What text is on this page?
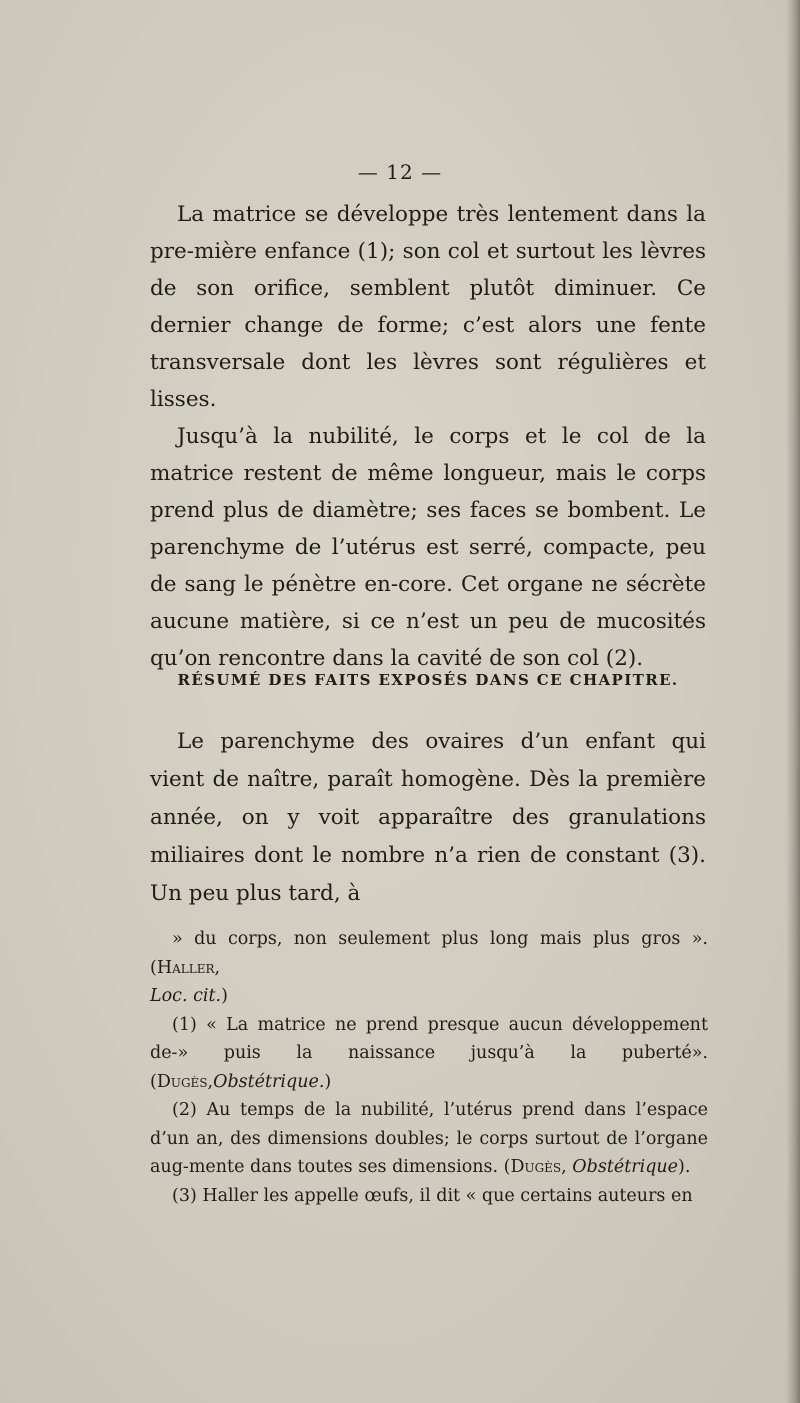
— 12 —

La matrice se développe très lentement dans la pre-mière enfance (1); son col et surtout les lèvres de son orifice, semblent plutôt diminuer. Ce dernier change de forme; c’est alors une fente transversale dont les lèvres sont régulières et lisses.

Jusqu’à la nubilité, le corps et le col de la matrice restent de même longueur, mais le corps prend plus de diamètre; ses faces se bombent. Le parenchyme de l’utérus est serré, compacte, peu de sang le pénètre en-core. Cet organe ne sécrète aucune matière, si ce n’est un peu de mucosités qu’on rencontre dans la cavité de son col (2).

RÉSUMÉ DES FAITS EXPOSÉS DANS CE CHAPITRE.

Le parenchyme des ovaires d’un enfant qui vient de naître, paraît homogène. Dès la première année, on y voit apparaître des granulations miliaires dont le nombre n’a rien de constant (3). Un peu plus tard, à

» du corps, non seulement plus long mais plus gros ». (Haller,
Loc. cit.)

(1) « La matrice ne prend presque aucun développement de-» puis la naissance jusqu’à la puberté». (Dugès,Obstétrique.)

(2) Au temps de la nubilité, l’utérus prend dans l’espace d’un an, des dimensions doubles; le corps surtout de l’organe aug-mente dans toutes ses dimensions. (Dugès, Obstétrique).

(3) Haller les appelle œufs, il dit « que certains auteurs en
